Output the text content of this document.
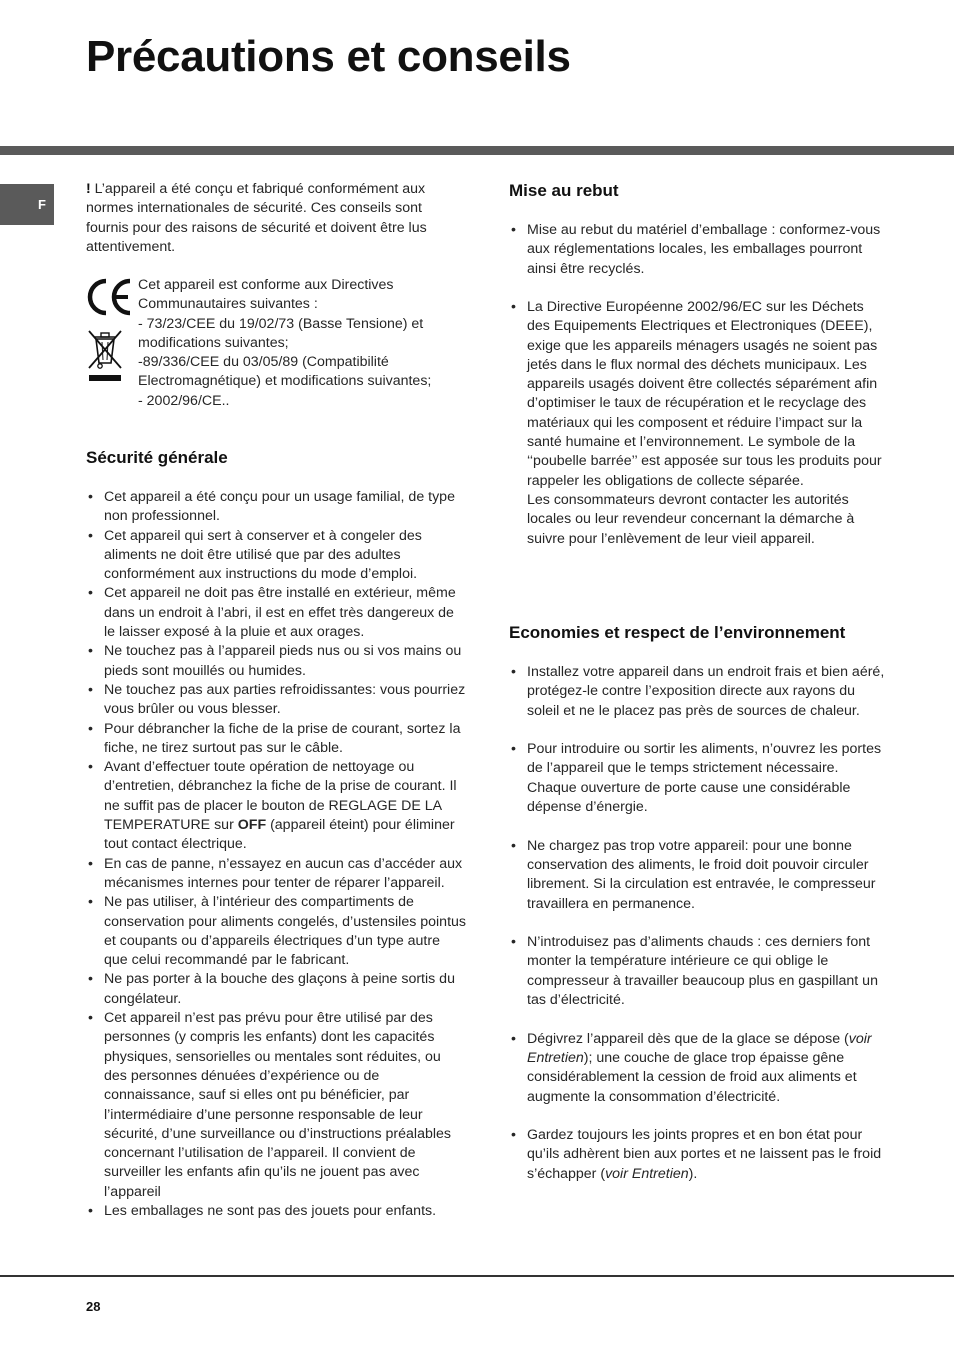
Précautions et conseils
F

! L’appareil a été conçu et fabriqué conformément aux normes internationales de sécurité. Ces conseils sont fournis pour des raisons de sécurité et doivent être lus attentivement.

Cet appareil est conforme aux Directives
Communautaires suivantes :
- 73/23/CEE du 19/02/73 (Basse Tensione) et
modifications suivantes;
-89/336/CEE du 03/05/89 (Compatibilité
Electromagnétique) et modifications suivantes;
- 2002/96/CE..

Sécurité générale
• Cet appareil a été conçu pour un usage familial, de type non professionnel.
• Cet appareil qui sert à conserver et à congeler des aliments ne doit être utilisé que par des adultes conformément aux instructions du mode d’emploi.
• Cet appareil ne doit pas être installé en extérieur, même dans un endroit à l’abri, il est en effet très dangereux de le laisser exposé à la pluie et aux orages.
• Ne touchez pas à l’appareil pieds nus ou si vos mains ou pieds sont mouillés ou humides.
• Ne touchez pas aux parties refroidissantes: vous pourriez vous brûler ou vous blesser.
• Pour débrancher la fiche de la prise de courant, sortez la fiche, ne tirez surtout pas sur le câble.
• Avant d’effectuer toute opération de nettoyage ou d’entretien, débranchez la fiche de la prise de courant. Il ne suffit pas de placer le bouton de REGLAGE DE LA TEMPERATURE sur OFF (appareil éteint) pour éliminer tout contact électrique.
• En cas de panne, n’essayez en aucun cas d’accéder aux mécanismes internes pour tenter de réparer l’appareil.
• Ne pas utiliser, à l’intérieur des compartiments de conservation pour aliments congelés, d’ustensiles pointus et coupants ou d’appareils électriques d’un type autre que celui recommandé par le fabricant.
• Ne pas porter à la bouche des glaçons à peine sortis du congélateur.
• Cet appareil n’est pas prévu pour être utilisé par des personnes (y compris les enfants) dont les capacités physiques, sensorielles ou mentales sont réduites, ou des personnes dénuées d’expérience ou de connaissance, sauf si elles ont pu bénéficier, par l’intermédiaire d’une personne responsable de leur sécurité, d’une surveillance ou d’instructions préalables concernant l’utilisation de l’appareil. Il convient de surveiller les enfants afin qu’ils ne jouent pas avec l’appareil
• Les emballages ne sont pas des jouets pour enfants.
Mise au rebut
• Mise au rebut du matériel d’emballage : conformez-vous aux réglementations locales, les emballages pourront ainsi être recyclés.
• La Directive Européenne 2002/96/EC sur les Déchets des Equipements Electriques et Electroniques (DEEE), exige que les appareils ménagers usagés ne soient pas jetés dans le flux normal des déchets municipaux. Les appareils usagés doivent être collectés séparément afin d’optimiser le taux de récupération et le recyclage des matériaux qui les composent et réduire l’impact sur la santé humaine et l’environnement. Le symbole de la ‘‘poubelle barrée’’ est apposée sur tous les produits pour rappeler les obligations de collecte séparée.
Les consommateurs devront contacter les autorités locales ou leur revendeur concernant la démarche à suivre pour l’enlèvement de leur vieil appareil.
Economies et respect de l’environnement
• Installez votre appareil dans un endroit frais et bien aéré, protégez-le contre l’exposition directe aux rayons du soleil et ne le placez pas près de sources de chaleur.
• Pour introduire ou sortir les aliments, n’ouvrez les portes de l’appareil que le temps strictement nécessaire. Chaque ouverture de porte cause une considérable dépense d’énergie.
• Ne chargez pas trop votre appareil: pour une bonne conservation des aliments, le froid doit pouvoir circuler librement. Si la circulation est entravée, le compresseur travaillera en permanence.
• N’introduisez pas d’aliments chauds : ces derniers font monter la température intérieure ce qui oblige le compresseur à travailler beaucoup plus en gaspillant un tas d’électricité.
• Dégivrez l’appareil dès que de la glace se dépose (voir Entretien); une couche de glace trop épaisse gêne considérablement la cession de froid aux aliments et augmente la consommation d’électricité.
• Gardez toujours les joints propres et en bon état pour qu’ils adhèrent bien aux portes et ne laissent pas le froid s’échapper (voir Entretien).
28
